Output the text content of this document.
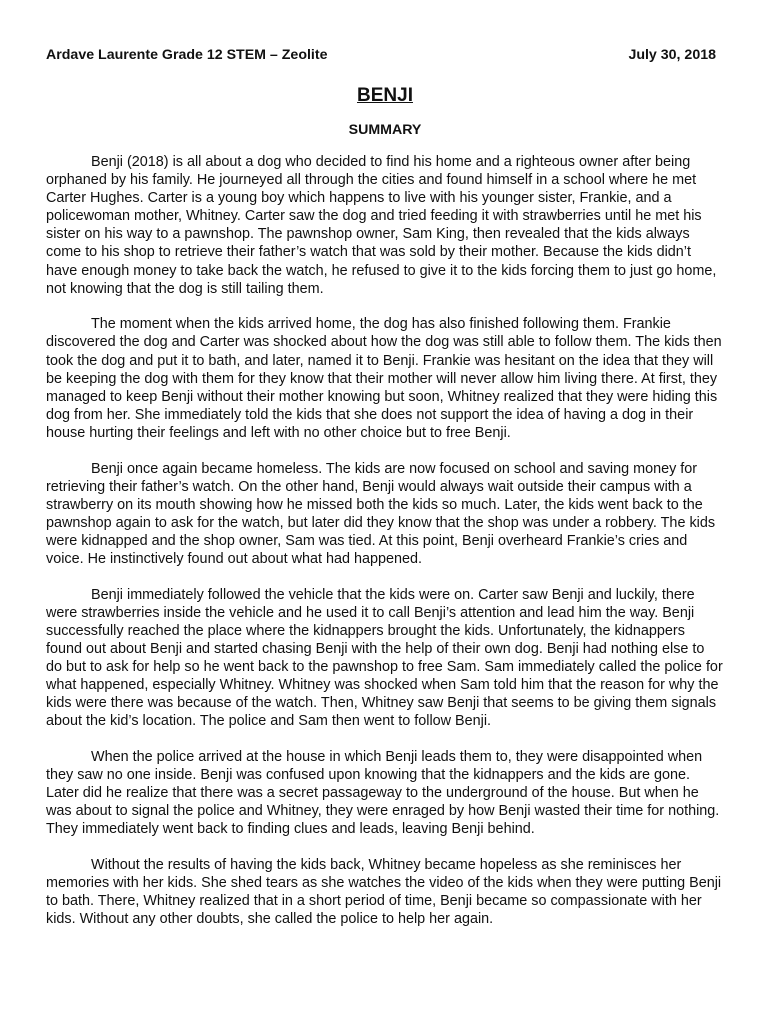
Ardave Laurente Grade 12 STEM – Zeolite	July 30, 2018
BENJI
SUMMARY

Benji (2018) is all about a dog who decided to find his home and a righteous owner after being orphaned by his family. He journeyed all through the cities and found himself in a school where he met Carter Hughes. Carter is a young boy which happens to live with his younger sister, Frankie, and a policewoman mother, Whitney. Carter saw the dog and tried feeding it with strawberries until he met his sister on his way to a pawnshop. The pawnshop owner, Sam King, then revealed that the kids always come to his shop to retrieve their father’s watch that was sold by their mother. Because the kids didn’t have enough money to take back the watch, he refused to give it to the kids forcing them to just go home, not knowing that the dog is still tailing them.

The moment when the kids arrived home, the dog has also finished following them. Frankie discovered the dog and Carter was shocked about how the dog was still able to follow them. The kids then took the dog and put it to bath, and later, named it to Benji. Frankie was hesitant on the idea that they will be keeping the dog with them for they know that their mother will never allow him living there. At first, they managed to keep Benji without their mother knowing but soon, Whitney realized that they were hiding this dog from her. She immediately told the kids that she does not support the idea of having a dog in their house hurting their feelings and left with no other choice but to free Benji.

Benji once again became homeless. The kids are now focused on school and saving money for retrieving their father’s watch. On the other hand, Benji would always wait outside their campus with a strawberry on its mouth showing how he missed both the kids so much. Later, the kids went back to the pawnshop again to ask for the watch, but later did they know that the shop was under a robbery. The kids were kidnapped and the shop owner, Sam was tied. At this point, Benji overheard Frankie’s cries and voice. He instinctively found out about what had happened.

Benji immediately followed the vehicle that the kids were on. Carter saw Benji and luckily, there were strawberries inside the vehicle and he used it to call Benji’s attention and lead him the way. Benji successfully reached the place where the kidnappers brought the kids. Unfortunately, the kidnappers found out about Benji and started chasing Benji with the help of their own dog. Benji had nothing else to do but to ask for help so he went back to the pawnshop to free Sam. Sam immediately called the police for what happened, especially Whitney. Whitney was shocked when Sam told him that the reason for why the kids were there was because of the watch. Then, Whitney saw Benji that seems to be giving them signals about the kid’s location. The police and Sam then went to follow Benji.

When the police arrived at the house in which Benji leads them to, they were disappointed when they saw no one inside. Benji was confused upon knowing that the kidnappers and the kids are gone. Later did he realize that there was a secret passageway to the underground of the house. But when he was about to signal the police and Whitney, they were enraged by how Benji wasted their time for nothing. They immediately went back to finding clues and leads, leaving Benji behind.

Without the results of having the kids back, Whitney became hopeless as she reminisces her memories with her kids. She shed tears as she watches the video of the kids when they were putting Benji to bath. There, Whitney realized that in a short period of time, Benji became so compassionate with her kids. Without any other doubts, she called the police to help her again.
